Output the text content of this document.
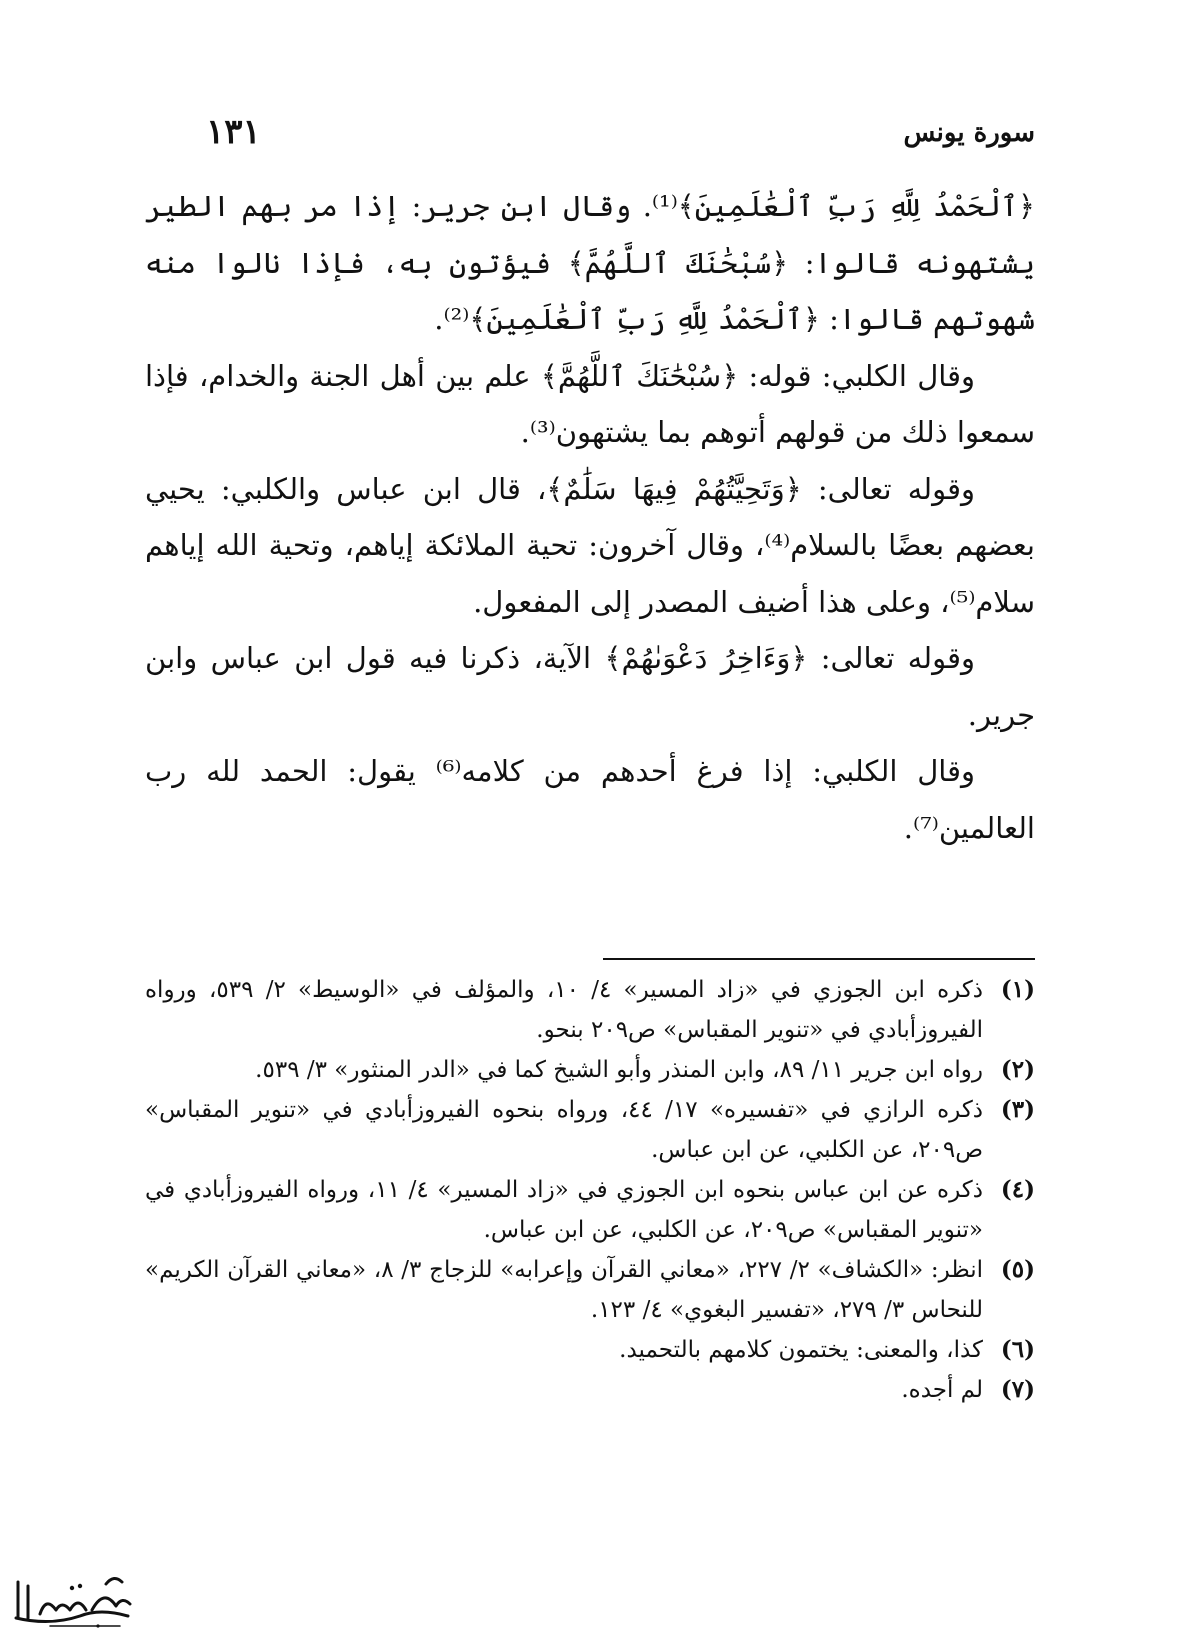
سورة يونس
١٣١

﴿ٱلْحَمْدُ لِلَّهِ رَبِّ ٱلْعَٰلَمِينَ﴾⁽¹⁾. وقال ابن جرير: إذا مر بهم الطير يشتهونه قالوا: ﴿سُبْحَٰنَكَ ٱللَّهُمَّ﴾ فيؤتون به، فإذا نالوا منه شهوتهم قالوا: ﴿ٱلْحَمْدُ لِلَّهِ رَبِّ ٱلْعَٰلَمِينَ﴾⁽²⁾.

وقال الكلبي: قوله: ﴿سُبْحَٰنَكَ ٱللَّهُمَّ﴾ علم بين أهل الجنة والخدام، فإذا سمعوا ذلك من قولهم أتوهم بما يشتهون⁽³⁾.

وقوله تعالى: ﴿وَتَحِيَّتُهُمْ فِيهَا سَلَٰمٌ﴾، قال ابن عباس والكلبي: يحيي بعضهم بعضًا بالسلام⁽⁴⁾، وقال آخرون: تحية الملائكة إياهم، وتحية الله إياهم سلام⁽⁵⁾، وعلى هذا أضيف المصدر إلى المفعول.

وقوله تعالى: ﴿وَءَاخِرُ دَعْوَىٰهُمْ﴾ الآية، ذكرنا فيه قول ابن عباس وابن جرير.

وقال الكلبي: إذا فرغ أحدهم من كلامه⁽⁶⁾ يقول: الحمد لله رب العالمين⁽⁷⁾.

(١)
ذكره ابن الجوزي في «زاد المسير» ٤/ ١٠، والمؤلف في «الوسيط» ٢/ ٥٣٩، ورواه الفيروزأبادي في «تنوير المقباس» ص٢٠٩ بنحو.
(٢)
رواه ابن جرير ١١/ ٨٩، وابن المنذر وأبو الشيخ كما في «الدر المنثور» ٣/ ٥٣٩.
(٣)
ذكره الرازي في «تفسيره» ١٧/ ٤٤، ورواه بنحوه الفيروزأبادي في «تنوير المقباس» ص٢٠٩، عن الكلبي، عن ابن عباس.
(٤)
ذكره عن ابن عباس بنحوه ابن الجوزي في «زاد المسير» ٤/ ١١، ورواه الفيروزأبادي في «تنوير المقباس» ص٢٠٩، عن الكلبي، عن ابن عباس.
(٥)
انظر: «الكشاف» ٢/ ٢٢٧، «معاني القرآن وإعرابه» للزجاج ٣/ ٨، «معاني القرآن الكريم» للنحاس ٣/ ٢٧٩، «تفسير البغوي» ٤/ ١٢٣.
(٦)
كذا، والمعنى: يختمون كلامهم بالتحميد.
(٧)
لم أجده.
